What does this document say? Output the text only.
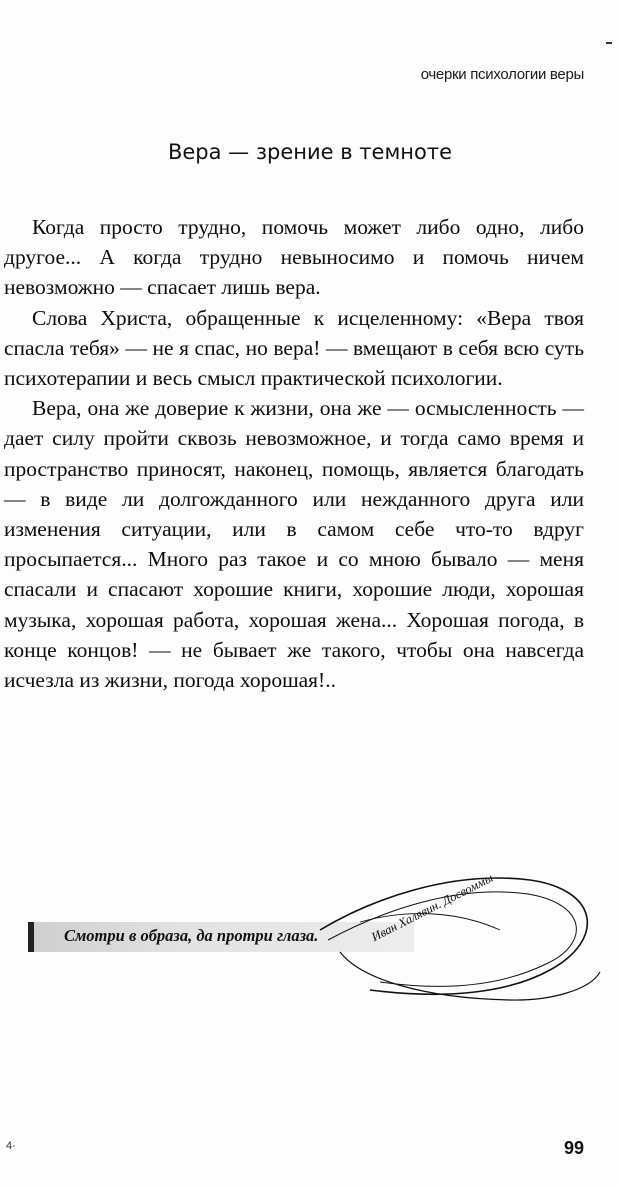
очерки психологии веры
Вера — зрение в темноте

Когда просто трудно, помочь может либо одно, либо другое... А когда трудно невыносимо и помочь ничем невозможно — спасает лишь вера.

Слова Христа, обращенные к исцеленному: «Вера твоя спасла тебя» — не я спас, но вера! — вмещают в себя всю суть психотерапии и весь смысл практической психологии.

Вера, она же доверие к жизни, она же — осмысленность — дает силу пройти сквозь невозможное, и тогда само время и пространство приносят, наконец, помощь, является благодать — в виде ли долгожданного или нежданного друга или изменения ситуации, или в самом себе что-то вдруг просыпается... Много раз такое и со мною бывало — меня спасали и спасают хорошие книги, хорошие люди, хорошая музыка, хорошая работа, хорошая жена... Хорошая погода, в конце концов! — не бывает же такого, чтобы она навсегда исчезла из жизни, погода хорошая!..

Смотри в образа, да протри глаза.	Иван Халявин. Досвоммы
4·	99
